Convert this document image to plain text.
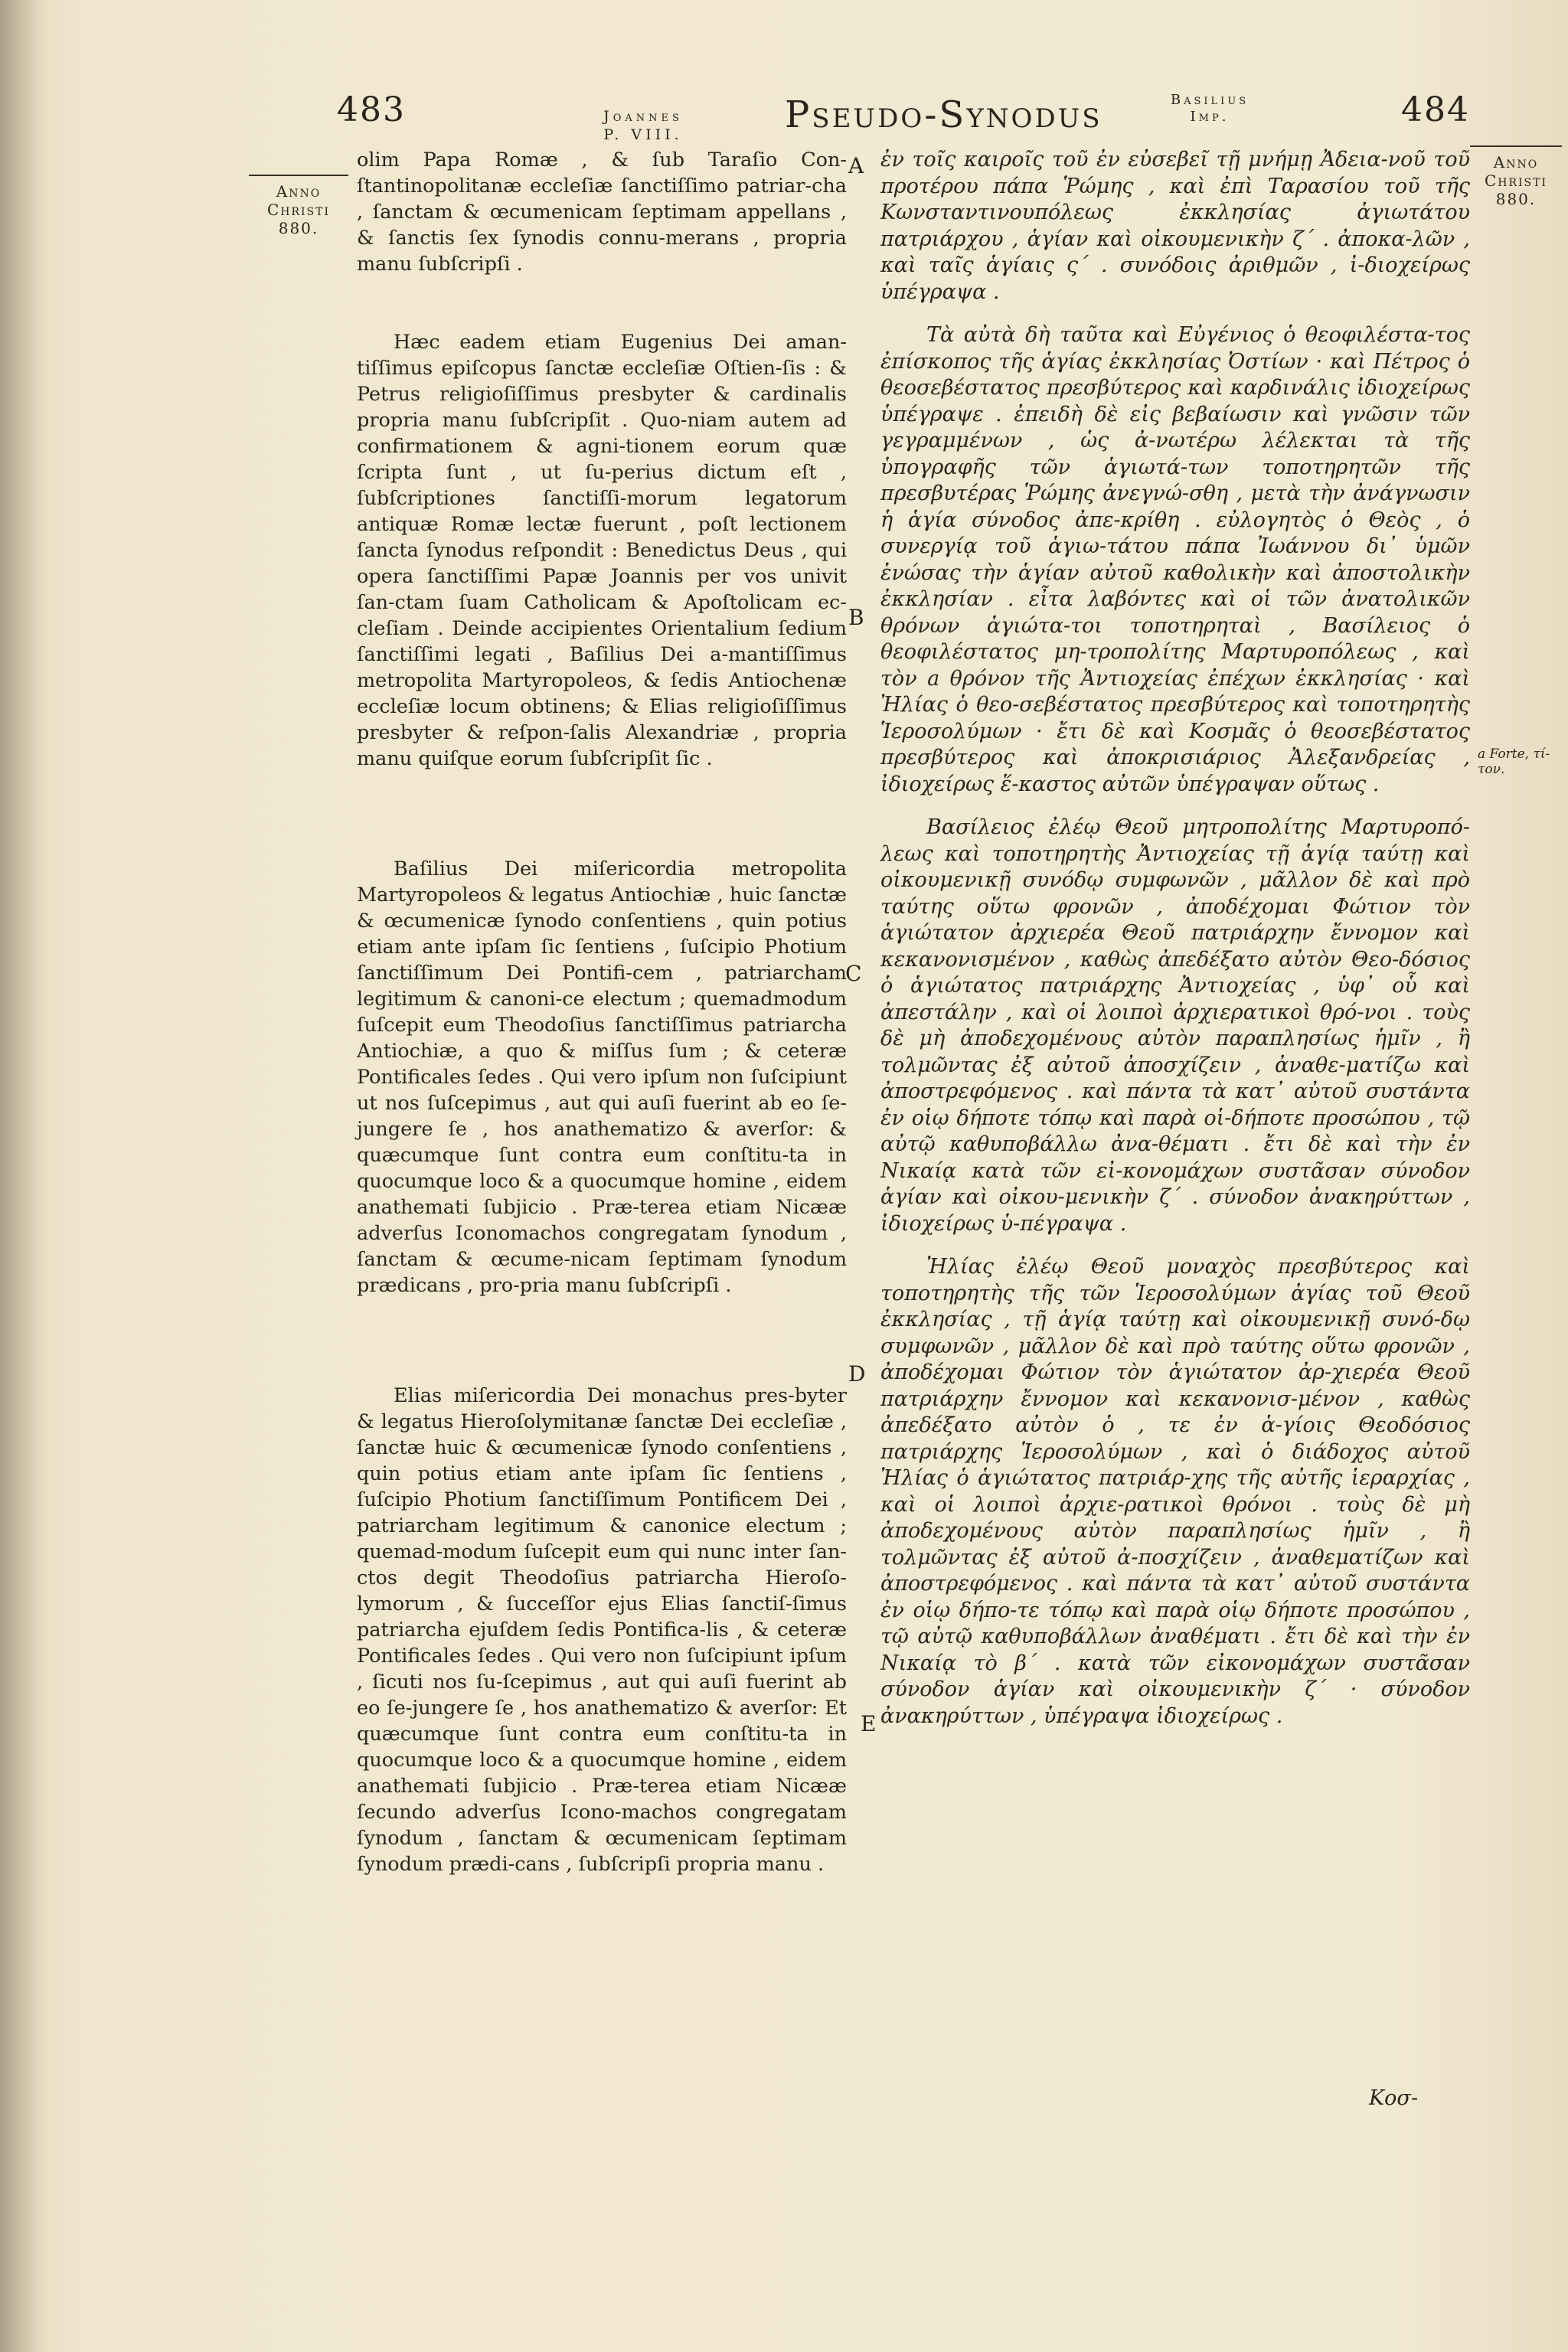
483	Joannes
P. VIII.	Pseudo-Synodus	Basilius
Imp.	484
Anno
Christi
880.
Anno
Christi
880.
a Forte, τί-τον.
A
B
C
D
E

olim Papa Romæ , & ſub Taraſio Con-ſtantinopolitanæ eccleſiæ ſanctiſſimo patriar-cha , ſanctam & œcumenicam ſeptimam appellans , & ſanctis ſex ſynodis connu-merans , propria manu ſubſcripſi .

Hæc eadem etiam Eugenius Dei aman-tiſſimus epiſcopus ſanctæ eccleſiæ Oſtien-ſis : & Petrus religioſiſſimus presbyter & cardinalis propria manu ſubſcripſit . Quo-niam autem ad confirmationem & agni-tionem eorum quæ ſcripta ſunt , ut ſu-perius dictum eſt , ſubſcriptiones ſanctiſſi-morum legatorum antiquæ Romæ lectæ fuerunt , poſt lectionem ſancta ſynodus reſpondit : Benedictus Deus , qui opera ſanctiſſimi Papæ Joannis per vos univit ſan-ctam ſuam Catholicam & Apoſtolicam ec-cleſiam . Deinde accipientes Orientalium ſedium ſanctiſſimi legati , Baſilius Dei a-mantiſſimus metropolita Martyropoleos, & ſedis Antiochenæ eccleſiæ locum obtinens; & Elias religioſiſſimus presbyter & reſpon-ſalis Alexandriæ , propria manu quiſque eorum ſubſcripſit ſic .

Baſilius Dei miſericordia metropolita Martyropoleos & legatus Antiochiæ , huic ſanctæ & œcumenicæ ſynodo conſentiens , quin potius etiam ante ipſam ſic ſentiens , ſuſcipio Photium ſanctiſſimum Dei Pontifi-cem , patriarcham legitimum & canoni-ce electum ; quemadmodum ſuſcepit eum Theodoſius ſanctiſſimus patriarcha Antiochiæ, a quo & miſſus ſum ; & ceteræ Pontificales ſedes . Qui vero ipſum non ſuſcipiunt ut nos ſuſcepimus , aut qui auſi fuerint ab eo ſe-jungere ſe , hos anathematizo & averſor: & quæcumque ſunt contra eum conſtitu-ta in quocumque loco & a quocumque homine , eidem anathemati ſubjicio . Præ-terea etiam Nicææ adverſus Iconomachos congregatam ſynodum , ſanctam & œcume-nicam ſeptimam ſynodum prædicans , pro-pria manu ſubſcripſi .

Elias miſericordia Dei monachus pres-byter & legatus Hieroſolymitanæ ſanctæ Dei eccleſiæ , ſanctæ huic & œcumenicæ ſynodo conſentiens , quin potius etiam ante ipſam ſic ſentiens , ſuſcipio Photium ſanctiſſimum Pontificem Dei , patriarcham legitimum & canonice electum ; quemad-modum ſuſcepit eum qui nunc inter ſan-ctos degit Theodoſius patriarcha Hieroſo-lymorum , & ſucceſſor ejus Elias ſanctiſ-ſimus patriarcha ejuſdem ſedis Pontifica-lis , & ceteræ Pontificales ſedes . Qui vero non ſuſcipiunt ipſum , ſicuti nos ſu-ſcepimus , aut qui auſi fuerint ab eo ſe-jungere ſe , hos anathematizo & averſor: Et quæcumque ſunt contra eum conſtitu-ta in quocumque loco & a quocumque homine , eidem anathemati ſubjicio . Præ-terea etiam Nicææ ſecundo adverſus Icono-machos congregatam ſynodum , ſanctam & œcumenicam ſeptimam ſynodum prædi-cans , ſubſcripſi propria manu .

ἐν τοῖς καιροῖς τοῦ ἐν εὐσεβεῖ τῇ μνήμῃ Ἀδεια-νοῦ τοῦ προτέρου πάπα Ῥώμης , καὶ ἐπὶ Ταρασίου τοῦ τῆς Κωνσταντινουπόλεως ἐκκλησίας ἁγιωτάτου πατριάρχου , ἁγίαν καὶ οἰκουμενικὴν ζ΄ . ἀποκα-λῶν , καὶ ταῖς ἁγίαις ς΄ . συνόδοις ἀριθμῶν , ἰ-διοχείρως ὑπέγραψα .

Τὰ αὐτὰ δὴ ταῦτα καὶ Εὐγένιος ὁ θεοφιλέστα-τος ἐπίσκοπος τῆς ἁγίας ἐκκλησίας Ὀστίων · καὶ Πέτρος ὁ θεοσεβέστατος πρεσβύτερος καὶ καρδινάλις ἰδιοχείρως ὑπέγραψε . ἐπειδὴ δὲ εἰς βεβαίωσιν καὶ γνῶσιν τῶν γεγραμμένων , ὡς ἀ-νωτέρω λέλεκται τὰ τῆς ὑπογραφῆς τῶν ἁγιωτά-των τοποτηρητῶν τῆς πρεσβυτέρας Ῥώμης ἀνεγνώ-σθη , μετὰ τὴν ἀνάγνωσιν ἡ ἁγία σύνοδος ἀπε-κρίθη . εὐλογητὸς ὁ Θεὸς , ὁ συνεργίᾳ τοῦ ἁγιω-τάτου πάπα Ἰωάννου δι᾽ ὑμῶν ἑνώσας τὴν ἁγίαν αὐτοῦ καθολικὴν καὶ ἀποστολικὴν ἐκκλησίαν . εἶτα λαβόντες καὶ οἱ τῶν ἀνατολικῶν θρόνων ἁγιώτα-τοι τοποτηρηταὶ , Βασίλειος ὁ θεοφιλέστατος μη-τροπολίτης Μαρτυροπόλεως , καὶ τὸν a θρόνον τῆς Ἀντιοχείας ἐπέχων ἐκκλησίας · καὶ Ἠλίας ὁ θεο-σεβέστατος πρεσβύτερος καὶ τοποτηρητὴς Ἱεροσολύμων · ἔτι δὲ καὶ Κοσμᾶς ὁ θεοσεβέστατος πρεσβύτερος καὶ ἀποκρισιάριος Ἀλεξανδρείας , ἰδιοχείρως ἕ-καστος αὐτῶν ὑπέγραψαν οὕτως .

Βασίλειος ἐλέῳ Θεοῦ μητροπολίτης Μαρτυροπό-λεως καὶ τοποτηρητὴς Ἀντιοχείας τῇ ἁγίᾳ ταύτῃ καὶ οἰκουμενικῇ συνόδῳ συμφωνῶν , μᾶλλον δὲ καὶ πρὸ ταύτης οὕτω φρονῶν , ἀποδέχομαι Φώτιον τὸν ἁγιώτατον ἀρχιερέα Θεοῦ πατριάρχην ἔννομον καὶ κεκανονισμένον , καθὼς ἀπεδέξατο αὐτὸν Θεο-δόσιος ὁ ἁγιώτατος πατριάρχης Ἀντιοχείας , ὑφ᾽ οὗ καὶ ἀπεστάλην , καὶ οἱ λοιποὶ ἀρχιερατικοὶ θρό-νοι . τοὺς δὲ μὴ ἀποδεχομένους αὐτὸν παραπλησίως ἡμῖν , ἢ τολμῶντας ἐξ αὐτοῦ ἀποσχίζειν , ἀναθε-ματίζω καὶ ἀποστρεφόμενος . καὶ πάντα τὰ κατ᾽ αὐτοῦ συστάντα ἐν οἱῳ δήποτε τόπῳ καὶ παρὰ οἱ-δήποτε προσώπου , τῷ αὐτῷ καθυποβάλλω ἀνα-θέματι . ἔτι δὲ καὶ τὴν ἐν Νικαίᾳ κατὰ τῶν εἰ-κονομάχων συστᾶσαν σύνοδον ἁγίαν καὶ οἰκου-μενικὴν ζ΄ . σύνοδον ἀνακηρύττων , ἰδιοχείρως ὑ-πέγραψα .

Ἠλίας ἐλέῳ Θεοῦ μοναχὸς πρεσβύτερος καὶ τοποτηρητὴς τῆς τῶν Ἱεροσολύμων ἁγίας τοῦ Θεοῦ ἐκκλησίας , τῇ ἁγίᾳ ταύτῃ καὶ οἰκουμενικῇ συνό-δῳ συμφωνῶν , μᾶλλον δὲ καὶ πρὸ ταύτης οὕτω φρονῶν , ἀποδέχομαι Φώτιον τὸν ἁγιώτατον ἀρ-χιερέα Θεοῦ πατριάρχην ἔννομον καὶ κεκανονισ-μένον , καθὼς ἀπεδέξατο αὐτὸν ὁ , τε ἐν ἁ-γίοις Θεοδόσιος πατριάρχης Ἱεροσολύμων , καὶ ὁ διάδοχος αὐτοῦ Ἠλίας ὁ ἁγιώτατος πατριάρ-χης τῆς αὐτῆς ἱεραρχίας , καὶ οἱ λοιποὶ ἀρχιε-ρατικοὶ θρόνοι . τοὺς δὲ μὴ ἀποδεχομένους αὐτὸν παραπλησίως ἡμῖν , ἢ τολμῶντας ἐξ αὐτοῦ ἀ-ποσχίζειν , ἀναθεματίζων καὶ ἀποστρεφόμενος . καὶ πάντα τὰ κατ᾽ αὐτοῦ συστάντα ἐν οἱῳ δήπο-τε τόπῳ καὶ παρὰ οἱῳ δήποτε προσώπου , τῷ αὐτῷ καθυποβάλλων ἀναθέματι . ἔτι δὲ καὶ τὴν ἐν Νικαίᾳ τὸ β΄ . κατὰ τῶν εἰκονομάχων συστᾶσαν σύνοδον ἁγίαν καὶ οἰκουμενικὴν ζ΄ · σύνοδον ἀνακηρύττων , ὑπέγραψα ἰδιοχείρως .

Κοσ-
